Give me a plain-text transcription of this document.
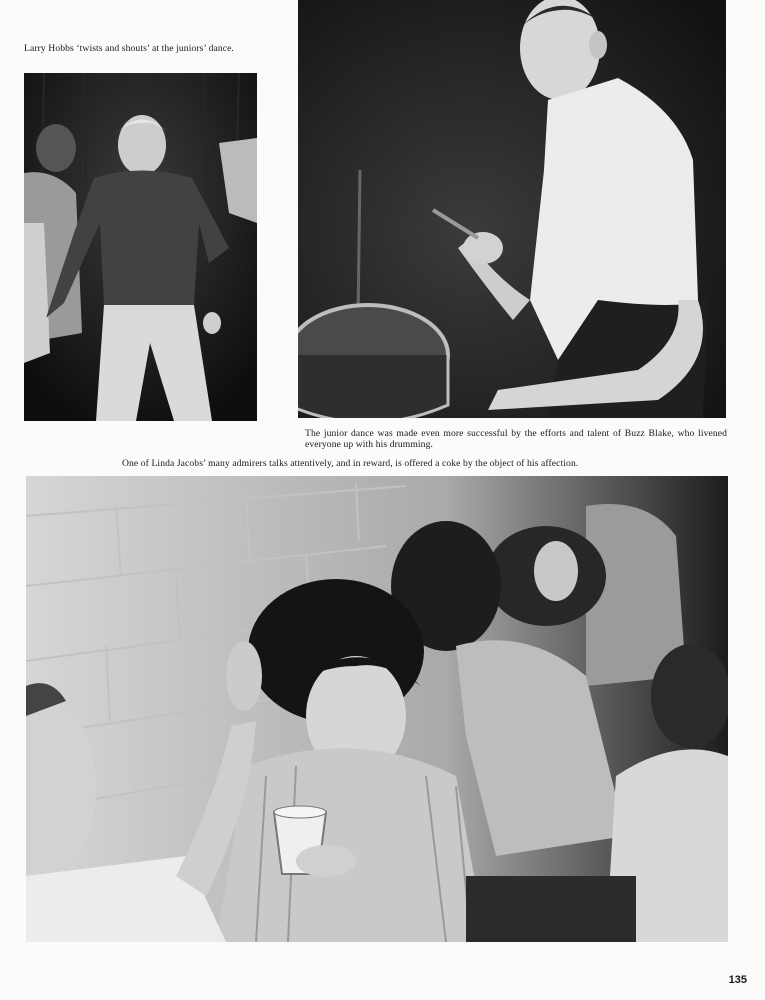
Larry Hobbs ‘twists and shouts’ at the juniors’ dance.
The junior dance was made even more successful by the efforts and talent of Buzz Blake, who livened everyone up with his drumming.
One of Linda Jacobs’ many admirers talks attentively, and in reward, is offered a coke by the object of his affection.
135
